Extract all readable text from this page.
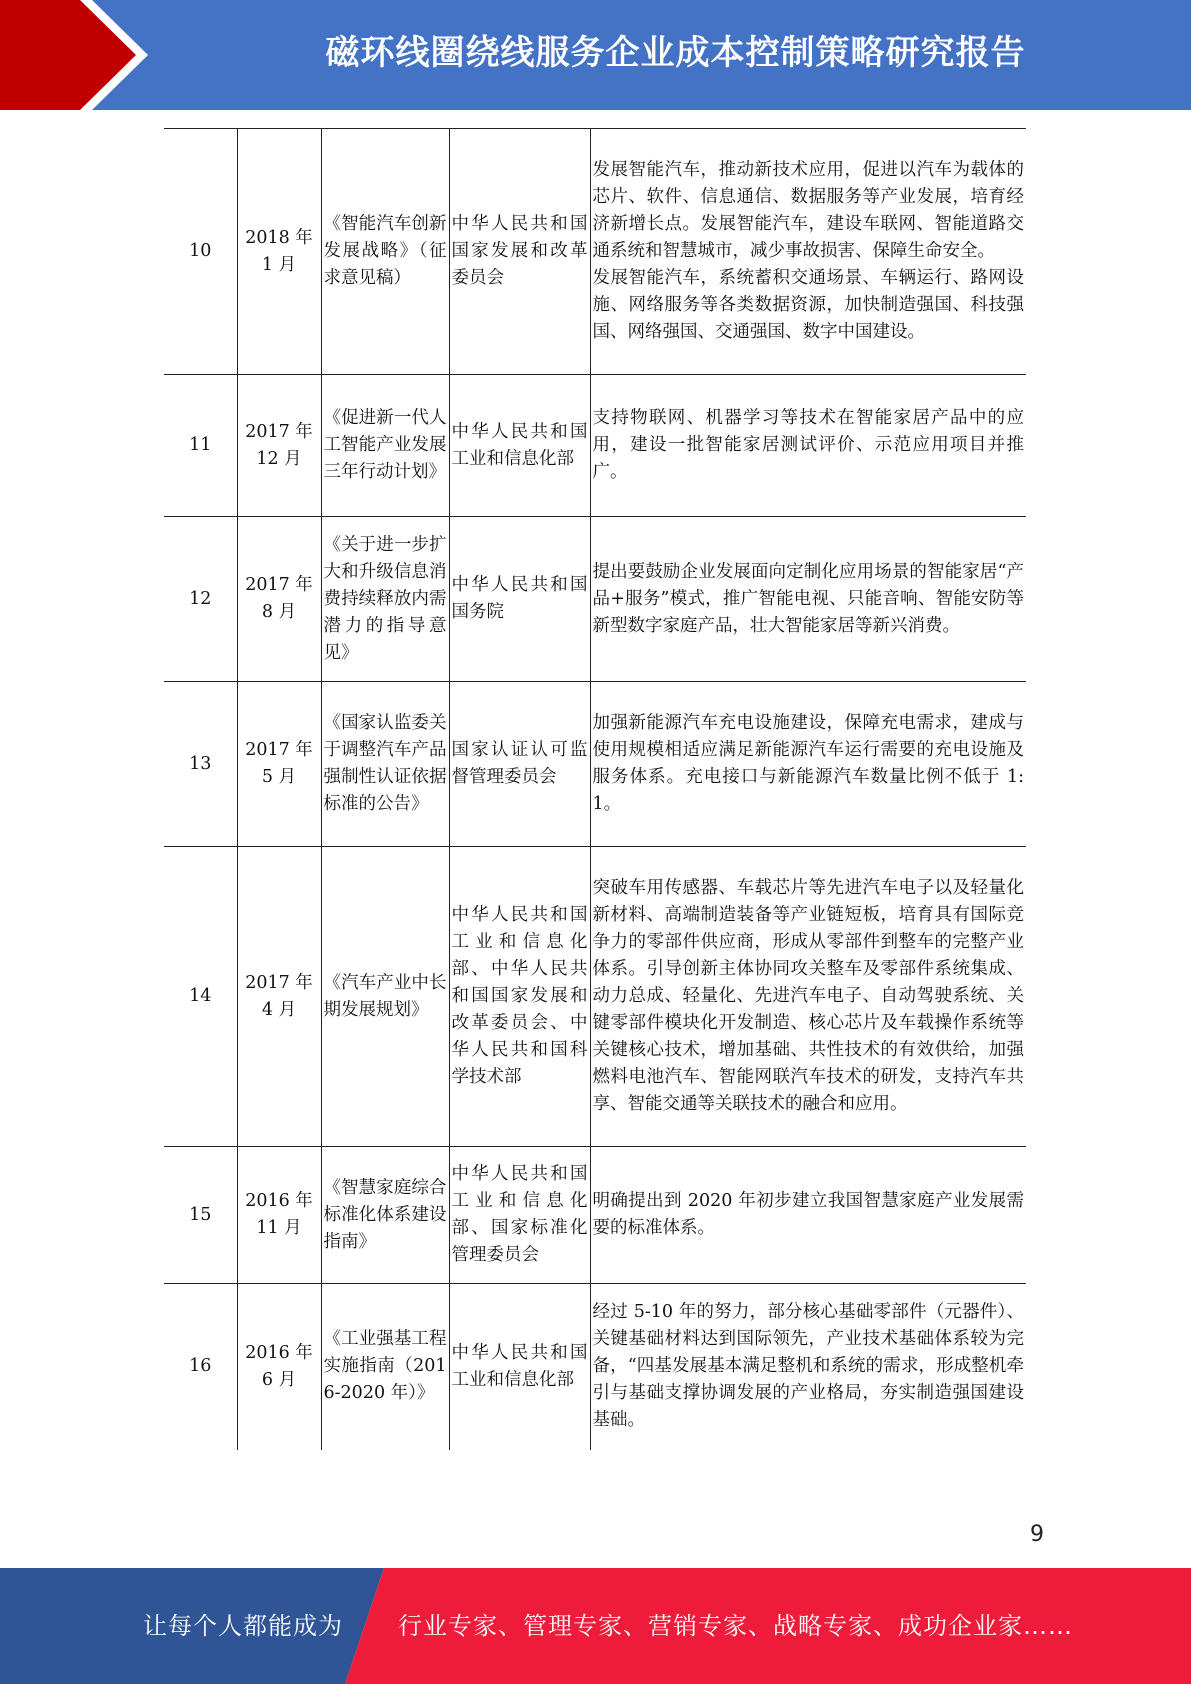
磁环线圈绕线服务企业成本控制策略研究报告
10	2018 年 1 月	《智能汽车创新发展战略》（征求意见稿）	中华人民共和国国家发展和改革委员会	发展智能汽车，推动新技术应用，促进以汽车为载体的芯片、软件、信息通信、数据服务等产业发展，培育经济新增长点。发展智能汽车，建设车联网、智能道路交通系统和智慧城市，减少事故损害、保障生命安全。
发展智能汽车，系统蓄积交通场景、车辆运行、路网设施、网络服务等各类数据资源，加快制造强国、科技强国、网络强国、交通强国、数字中国建设。

11	2017 年 12 月	《促进新一代人工智能产业发展三年行动计划》	中华人民共和国工业和信息化部	支持物联网、机器学习等技术在智能家居产品中的应用，建设一批智能家居测试评价、示范应用项目并推广。
12	2017 年 8 月	《关于进一步扩大和升级信息消费持续释放内需潜力的指导意见》	中华人民共和国国务院	提出要鼓励企业发展面向定制化应用场景的智能家居“产品+服务”模式，推广智能电视、只能音响、智能安防等新型数字家庭产品，壮大智能家居等新兴消费。
13	2017 年 5 月	《国家认监委关于调整汽车产品强制性认证依据标准的公告》	国家认证认可监督管理委员会	加强新能源汽车充电设施建设，保障充电需求，建成与使用规模相适应满足新能源汽车运行需要的充电设施及服务体系。充电接口与新能源汽车数量比例不低于 1:1。
14	2017 年 4 月	《汽车产业中长期发展规划》	中华人民共和国工业和信息化部、中华人民共和国国家发展和改革委员会、中华人民共和国科学技术部	突破车用传感器、车载芯片等先进汽车电子以及轻量化新材料、高端制造装备等产业链短板，培育具有国际竞争力的零部件供应商，形成从零部件到整车的完整产业体系。引导创新主体协同攻关整车及零部件系统集成、动力总成、轻量化、先进汽车电子、自动驾驶系统、关键零部件模块化开发制造、核心芯片及车载操作系统等关键核心技术，增加基础、共性技术的有效供给，加强燃料电池汽车、智能网联汽车技术的研发，支持汽车共享、智能交通等关联技术的融合和应用。
15	2016 年 11 月	《智慧家庭综合标准化体系建设指南》	中华人民共和国工业和信息化部、国家标准化管理委员会	明确提出到 2020 年初步建立我国智慧家庭产业发展需要的标准体系。
16	2016 年 6 月	《工业强基工程实施指南（2016-2020 年）》	中华人民共和国工业和信息化部	经过 5-10 年的努力，部分核心基础零部件（元器件）、关键基础材料达到国际领先，产业技术基础体系较为完备，“四基发展基本满足整机和系统的需求，形成整机牵引与基础支撑协调发展的产业格局，夯实制造强国建设基础。
9
让每个人都能成为 行业专家、管理专家、营销专家、战略专家、成功企业家……
